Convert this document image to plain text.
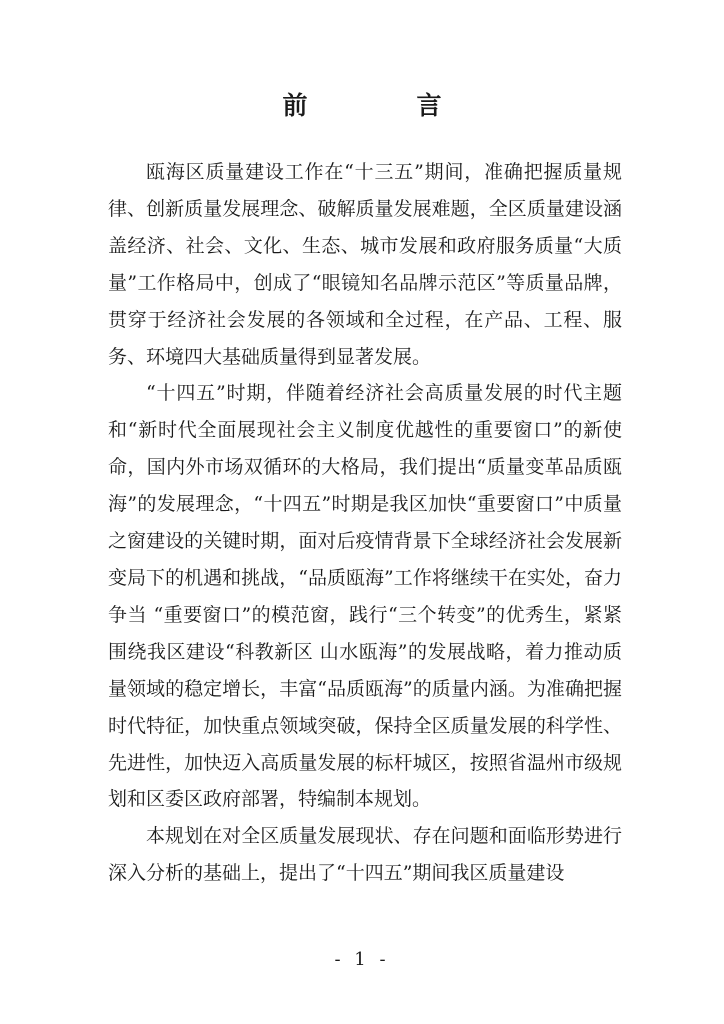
前　言

瓯海区质量建设工作在“十三五”期间，准确把握质量规律、创新质量发展理念、破解质量发展难题，全区质量建设涵盖经济、社会、文化、生态、城市发展和政府服务质量“大质量”工作格局中，创成了“眼镜知名品牌示范区”等质量品牌，贯穿于经济社会发展的各领域和全过程，在产品、工程、服务、环境四大基础质量得到显著发展。

“十四五”时期，伴随着经济社会高质量发展的时代主题和“新时代全面展现社会主义制度优越性的重要窗口”的新使命，国内外市场双循环的大格局，我们提出“质量变革品质瓯海”的发展理念，“十四五”时期是我区加快“重要窗口”中质量之窗建设的关键时期，面对后疫情背景下全球经济社会发展新变局下的机遇和挑战，“品质瓯海”工作将继续干在实处，奋力争当 “重要窗口”的模范窗，践行“三个转变”的优秀生，紧紧围绕我区建设“科教新区 山水瓯海”的发展战略，着力推动质量领域的稳定增长，丰富“品质瓯海”的质量内涵。为准确把握时代特征，加快重点领域突破，保持全区质量发展的科学性、先进性，加快迈入高质量发展的标杆城区，按照省温州市级规划和区委区政府部署，特编制本规划。

本规划在对全区质量发展现状、存在问题和面临形势进行深入分析的基础上，提出了“十四五”期间我区质量建设

- 1 -
